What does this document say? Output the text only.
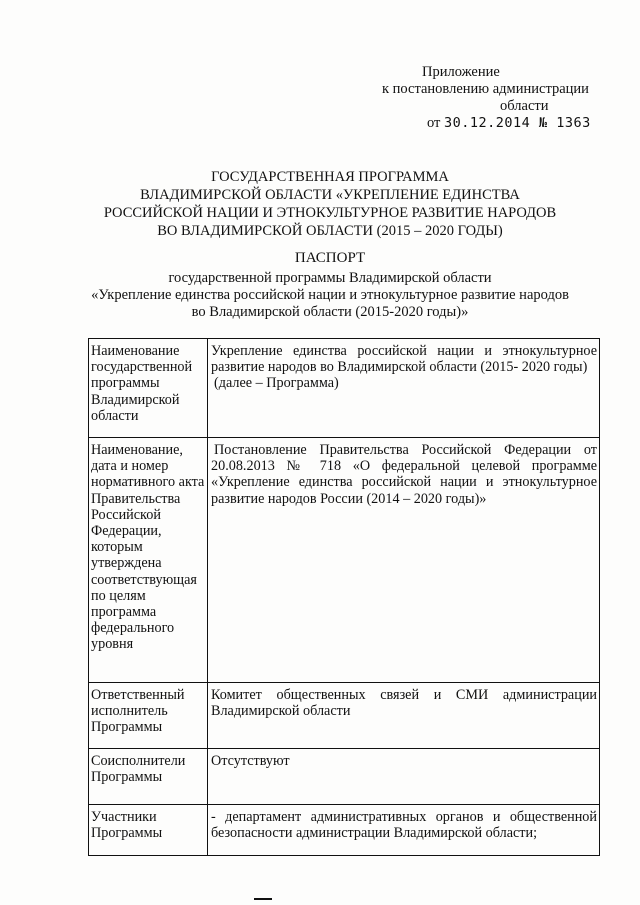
Приложение
к постановлению администрации
области
от 30.12.2014 № 1363
ГОСУДАРСТВЕННАЯ ПРОГРАММА
ВЛАДИМИРСКОЙ ОБЛАСТИ «УКРЕПЛЕНИЕ ЕДИНСТВА
РОССИЙСКОЙ НАЦИИ И ЭТНОКУЛЬТУРНОЕ РАЗВИТИЕ НАРОДОВ
ВО ВЛАДИМИРСКОЙ ОБЛАСТИ (2015 – 2020 ГОДЫ)
ПАСПОРТ
государственной программы Владимирской области
«Укрепление единства российской нации и этнокультурное развитие народов
во Владимирской области (2015-2020 годы)»
Наименование государственной программы Владимирской области	Укрепление единства российской нации и этнокультурное развитие народов во Владимирской области (2015- 2020 годы)
(далее – Программа)

Наименование, дата и номер нормативного акта Правительства Российской Федерации, которым утверждена соответствующая по целям программа федерального уровня	Постановление Правительства Российской Федерации от 20.08.2013 № 718 «О федеральной целевой программе «Укрепление единства российской нации и этнокультурное развитие народов России (2014 – 2020 годы)»

Ответственный исполнитель Программы	Комитет общественных связей и СМИ администрации Владимирской области
Соисполнители Программы	Отсутствуют
Участники Программы	- департамент административных органов и общественной безопасности администрации Владимирской области;
